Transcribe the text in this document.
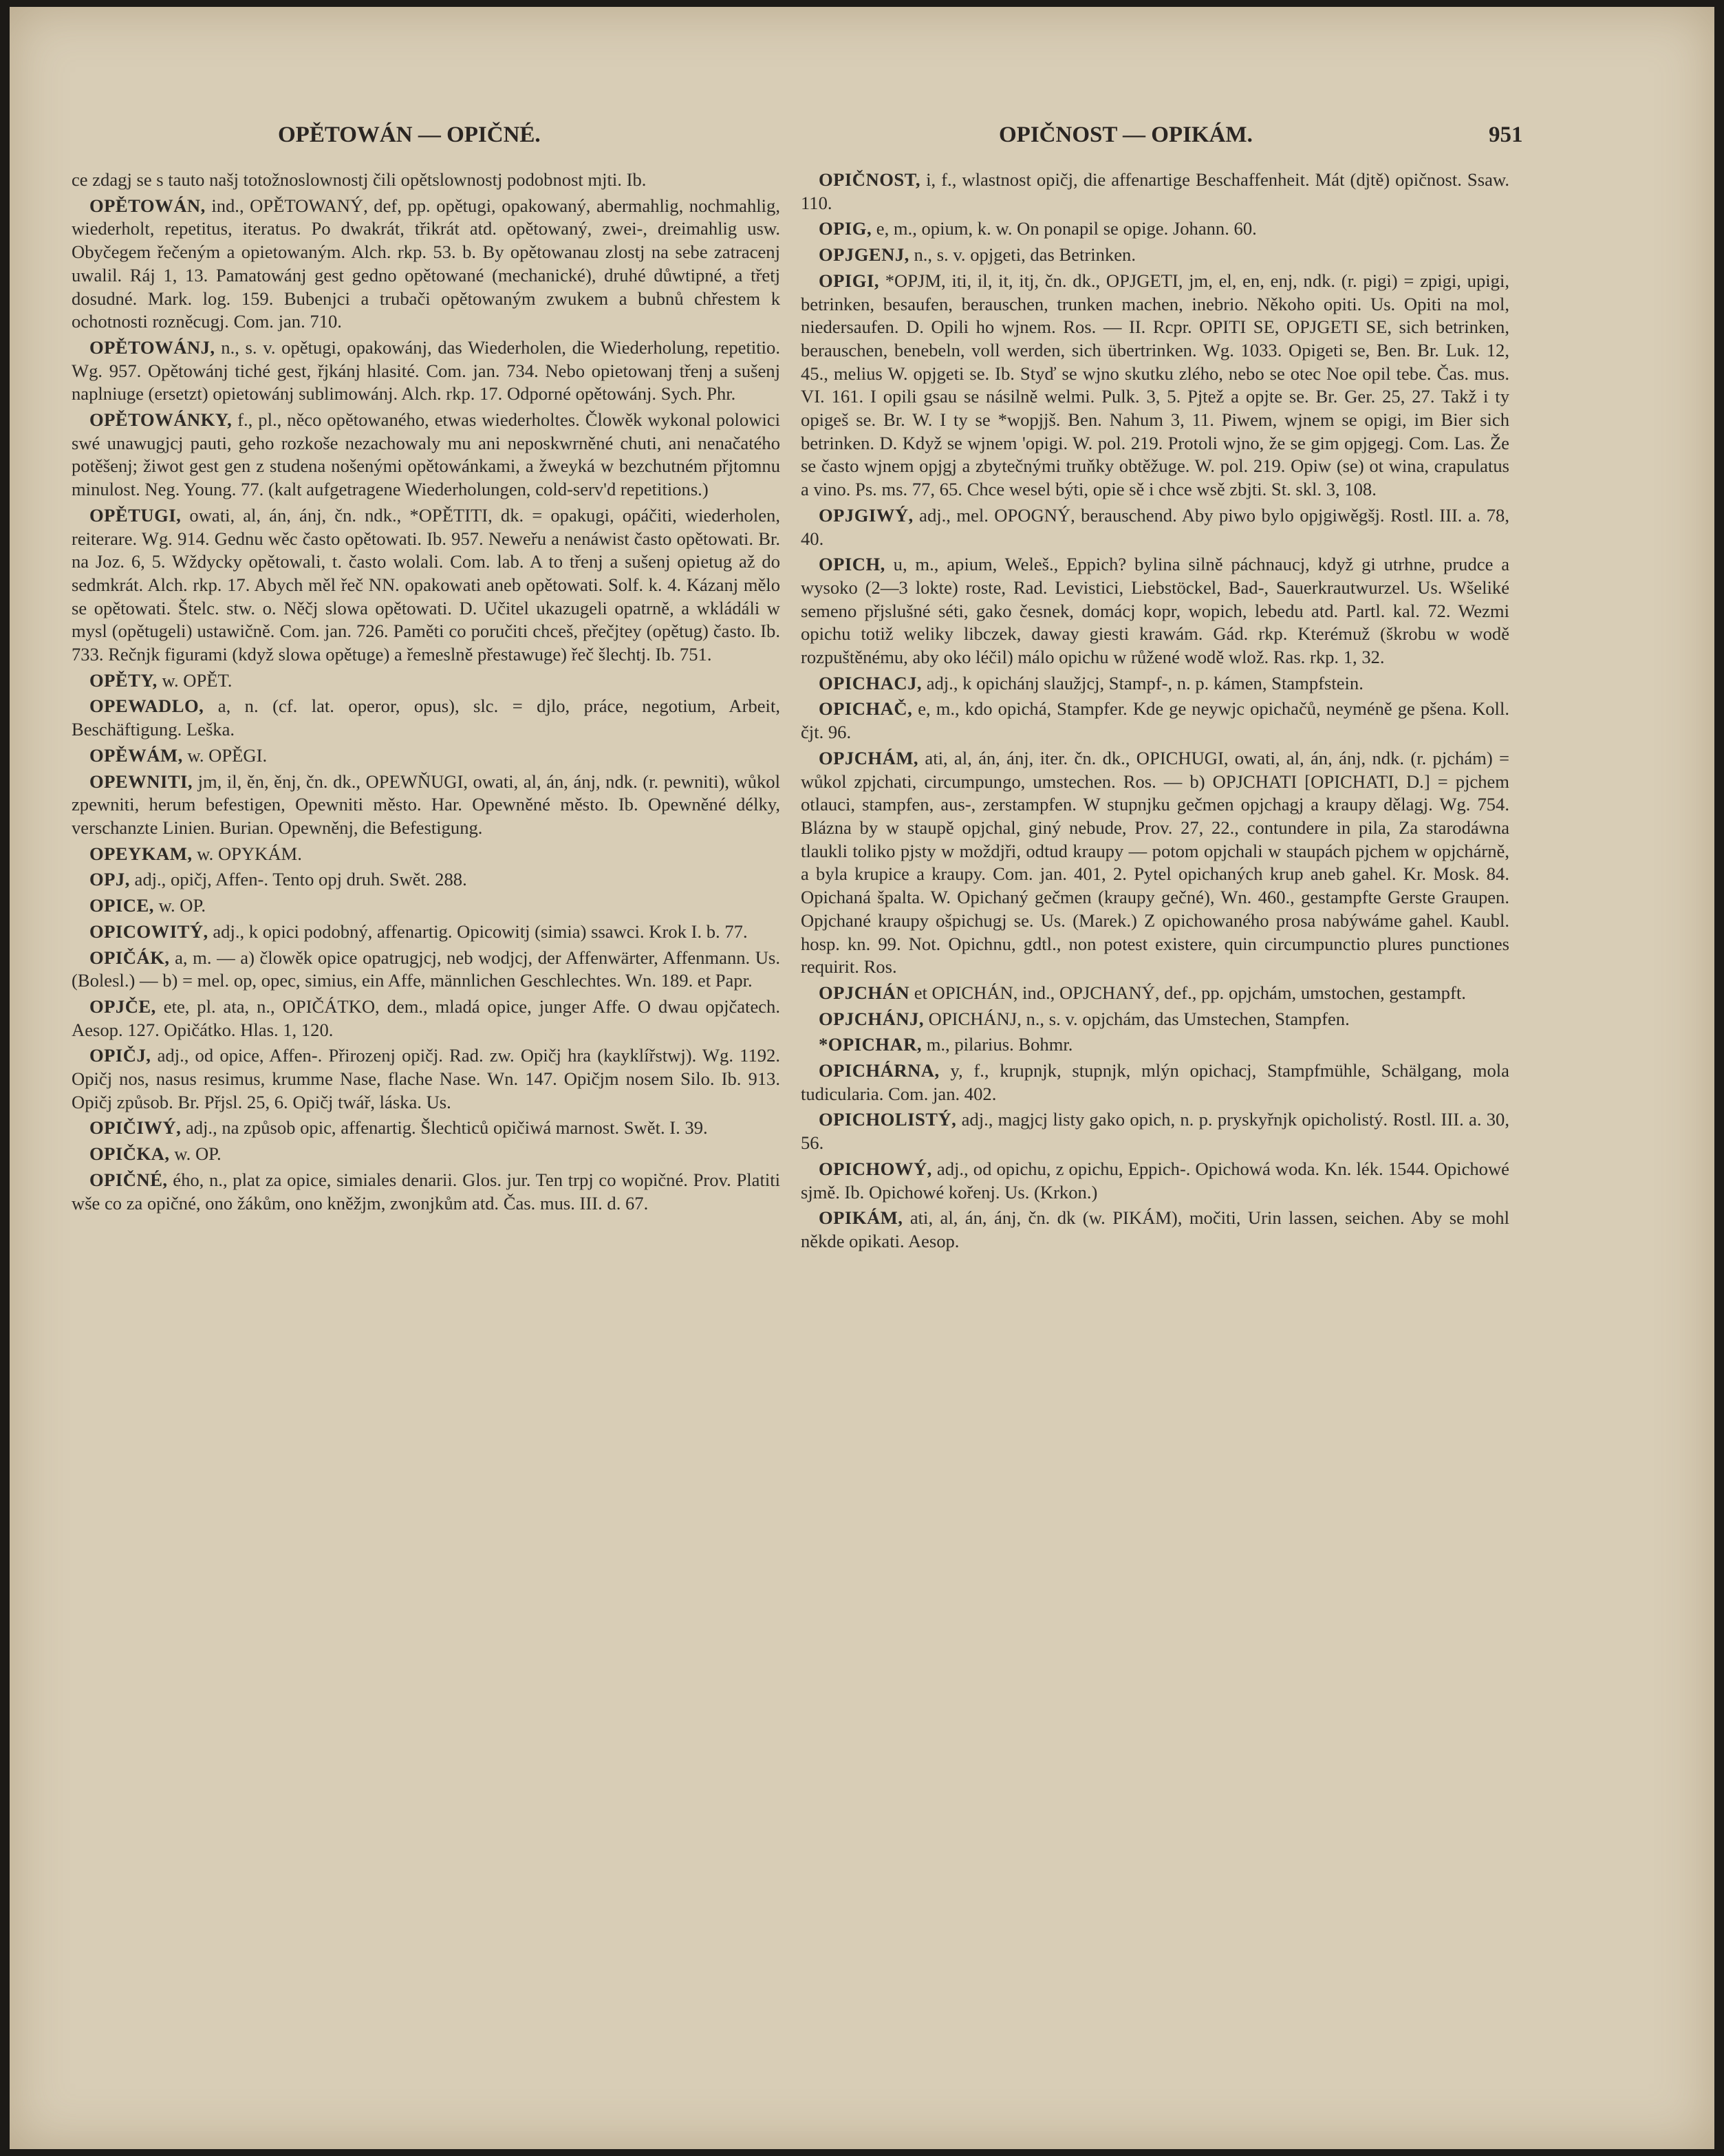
OPĚTOWÁN — OPIČNÉ.	OPIČNOST — OPIKÁM.	951

ce zdagj se s tauto našj totožnoslownostj čili opětslownostj podobnost mjti. Ib.

OPĚTOWÁN, ind., OPĚTOWANÝ, def, pp. opětugi, opakowaný, abermahlig, nochmahlig, wiederholt, repetitus, iteratus. Po dwakrát, třikrát atd. opětowaný, zwei-, dreimahlig usw. Obyčegem řečeným a opietowaným. Alch. rkp. 53. b. By opětowanau zlostj na sebe zatracenj uwalil. Ráj 1, 13. Pamatowánj gest gedno opětowané (mechanické), druhé důwtipné, a třetj dosudné. Mark. log. 159. Bubenjci a trubači opětowaným zwukem a bubnů chřestem k ochotnosti rozněcugj. Com. jan. 710.

OPĚTOWÁNJ, n., s. v. opětugi, opakowánj, das Wiederholen, die Wiederholung, repetitio. Wg. 957. Opětowánj tiché gest, řjkánj hlasité. Com. jan. 734. Nebo opietowanj třenj a sušenj naplniuge (ersetzt) opietowánj sublimowánj. Alch. rkp. 17. Odporné opětowánj. Sych. Phr.

OPĚTOWÁNKY, f., pl., něco opětowaného, etwas wiederholtes. Člowěk wykonal polowici swé unawugjcj pauti, geho rozkoše nezachowaly mu ani neposkwrněné chuti, ani nenačatého potěšenj; žiwot gest gen z studena nošenými opětowánkami, a žweyká w bezchutném přjtomnu minulost. Neg. Young. 77. (kalt aufgetragene Wiederholungen, cold-serv'd repetitions.)

OPĚTUGI, owati, al, án, ánj, čn. ndk., *OPĚTITI, dk. = opakugi, opáčiti, wiederholen, reiterare. Wg. 914. Gednu wěc často opětowati. Ib. 957. Neweřu a nenáwist často opětowati. Br. na Joz. 6, 5. Wždycky opětowali, t. často wolali. Com. lab. A to třenj a sušenj opietug až do sedmkrát. Alch. rkp. 17. Abych měl řeč NN. opakowati aneb opětowati. Solf. k. 4. Kázanj mělo se opětowati. Štelc. stw. o. Něčj slowa opětowati. D. Učitel ukazugeli opatrně, a wkládáli w mysl (opětugeli) ustawičně. Com. jan. 726. Paměti co poručiti chceš, přečjtey (opětug) často. Ib. 733. Rečnjk figurami (když slowa opětuge) a řemeslně přestawuge) řeč šlechtj. Ib. 751.

OPĚTY, w. OPĚT.

OPEWADLO, a, n. (cf. lat. operor, opus), slc. = djlo, práce, negotium, Arbeit, Beschäftigung. Leška.

OPĚWÁM, w. OPĚGI.

OPEWNITI, jm, il, ěn, ěnj, čn. dk., OPEWŇUGI, owati, al, án, ánj, ndk. (r. pewniti), wůkol zpewniti, herum befestigen, Opewniti město. Har. Opewněné město. Ib. Opewněné délky, verschanzte Linien. Burian. Opewněnj, die Befestigung.

OPEYKAM, w. OPYKÁM.

OPJ, adj., opičj, Affen-. Tento opj druh. Swět. 288.

OPICE, w. OP.

OPICOWITÝ, adj., k opici podobný, affenartig. Opicowitj (simia) ssawci. Krok I. b. 77.

OPIČÁK, a, m. — a) člowěk opice opatrugjcj, neb wodjcj, der Affenwärter, Affenmann. Us. (Bolesl.) — b) = mel. op, opec, simius, ein Affe, männlichen Geschlechtes. Wn. 189. et Papr.

OPJČE, ete, pl. ata, n., OPIČÁTKO, dem., mladá opice, junger Affe. O dwau opjčatech. Aesop. 127. Opičátko. Hlas. 1, 120.

OPIČJ, adj., od opice, Affen-. Přirozenj opičj. Rad. zw. Opičj hra (kayklířstwj). Wg. 1192. Opičj nos, nasus resimus, krumme Nase, flache Nase. Wn. 147. Opičjm nosem Silo. Ib. 913. Opičj způsob. Br. Přjsl. 25, 6. Opičj twář, láska. Us.

OPIČIWÝ, adj., na způsob opic, affenartig. Šlechticů opičiwá marnost. Swět. I. 39.

OPIČKA, w. OP.

OPIČNÉ, ého, n., plat za opice, simiales denarii. Glos. jur. Ten trpj co wopičné. Prov. Platiti wše co za opičné, ono žákům, ono kněžjm, zwonjkům atd. Čas. mus. III. d. 67.

OPIČNOST, i, f., wlastnost opičj, die affenartige Beschaffenheit. Mát (djtě) opičnost. Ssaw. 110.

OPIG, e, m., opium, k. w. On ponapil se opige. Johann. 60.

OPJGENJ, n., s. v. opjgeti, das Betrinken.

OPIGI, *OPJM, iti, il, it, itj, čn. dk., OPJGETI, jm, el, en, enj, ndk. (r. pigi) = zpigi, upigi, betrinken, besaufen, berauschen, trunken machen, inebrio. Někoho opiti. Us. Opiti na mol, niedersaufen. D. Opili ho wjnem. Ros. — II. Rcpr. OPITI SE, OPJGETI SE, sich betrinken, berauschen, benebeln, voll werden, sich übertrinken. Wg. 1033. Opigeti se, Ben. Br. Luk. 12, 45., melius W. opjgeti se. Ib. Styď se wjno skutku zlého, nebo se otec Noe opil tebe. Čas. mus. VI. 161. I opili gsau se násilně welmi. Pulk. 3, 5. Pjtež a opjte se. Br. Ger. 25, 27. Takž i ty opigeš se. Br. W. I ty se *wopjjš. Ben. Nahum 3, 11. Piwem, wjnem se opigi, im Bier sich betrinken. D. Když se wjnem 'opigi. W. pol. 219. Protoli wjno, že se gim opjgegj. Com. Las. Že se často wjnem opjgj a zbytečnými truňky obtěžuge. W. pol. 219. Opiw (se) ot wina, crapulatus a vino. Ps. ms. 77, 65. Chce wesel býti, opie sě i chce wsě zbjti. St. skl. 3, 108.

OPJGIWÝ, adj., mel. OPOGNÝ, berauschend. Aby piwo bylo opjgiwěgšj. Rostl. III. a. 78, 40.

OPICH, u, m., apium, Weleš., Eppich? bylina silně páchnaucj, když gi utrhne, prudce a wysoko (2—3 lokte) roste, Rad. Levistici, Liebstöckel, Bad-, Sauerkrautwurzel. Us. Wšeliké semeno přjslušné séti, gako česnek, domácj kopr, wopich, lebedu atd. Partl. kal. 72. Wezmi opichu totiž weliky libczek, daway giesti krawám. Gád. rkp. Kterémuž (škrobu w wodě rozpuštěnému, aby oko léčil) málo opichu w růžené wodě wlož. Ras. rkp. 1, 32.

OPICHACJ, adj., k opichánj slaužjcj, Stampf-, n. p. kámen, Stampfstein.

OPICHAČ, e, m., kdo opichá, Stampfer. Kde ge neywjc opichačů, neyméně ge pšena. Koll. čjt. 96.

OPJCHÁM, ati, al, án, ánj, iter. čn. dk., OPICHUGI, owati, al, án, ánj, ndk. (r. pjchám) = wůkol zpjchati, circumpungo, umstechen. Ros. — b) OPJCHATI [OPICHATI, D.] = pjchem otlauci, stampfen, aus-, zerstampfen. W stupnjku gečmen opjchagj a kraupy dělagj. Wg. 754. Blázna by w staupě opjchal, giný nebude, Prov. 27, 22., contundere in pila, Za starodáwna tlaukli toliko pjsty w moždjři, odtud kraupy — potom opjchali w staupách pjchem w opjchárně, a byla krupice a kraupy. Com. jan. 401, 2. Pytel opichaných krup aneb gahel. Kr. Mosk. 84. Opichaná špalta. W. Opichaný gečmen (kraupy gečné), Wn. 460., gestampfte Gerste Graupen. Opjchané kraupy ošpichugj se. Us. (Marek.) Z opichowaného prosa nabýwáme gahel. Kaubl. hosp. kn. 99. Not. Opichnu, gdtl., non potest existere, quin circumpunctio plures punctiones requirit. Ros.

OPJCHÁN et OPICHÁN, ind., OPJCHANÝ, def., pp. opjchám, umstochen, gestampft.

OPJCHÁNJ, OPICHÁNJ, n., s. v. opjchám, das Umstechen, Stampfen.

*OPICHAR, m., pilarius. Bohmr.

OPICHÁRNA, y, f., krupnjk, stupnjk, mlýn opichacj, Stampfmühle, Schälgang, mola tudicularia. Com. jan. 402.

OPICHOLISTÝ, adj., magjcj listy gako opich, n. p. pryskyřnjk opicholistý. Rostl. III. a. 30, 56.

OPICHOWÝ, adj., od opichu, z opichu, Eppich-. Opichowá woda. Kn. lék. 1544. Opichowé sjmě. Ib. Opichowé kořenj. Us. (Krkon.)

OPIKÁM, ati, al, án, ánj, čn. dk (w. PIKÁM), močiti, Urin lassen, seichen. Aby se mohl někde opikati. Aesop.
